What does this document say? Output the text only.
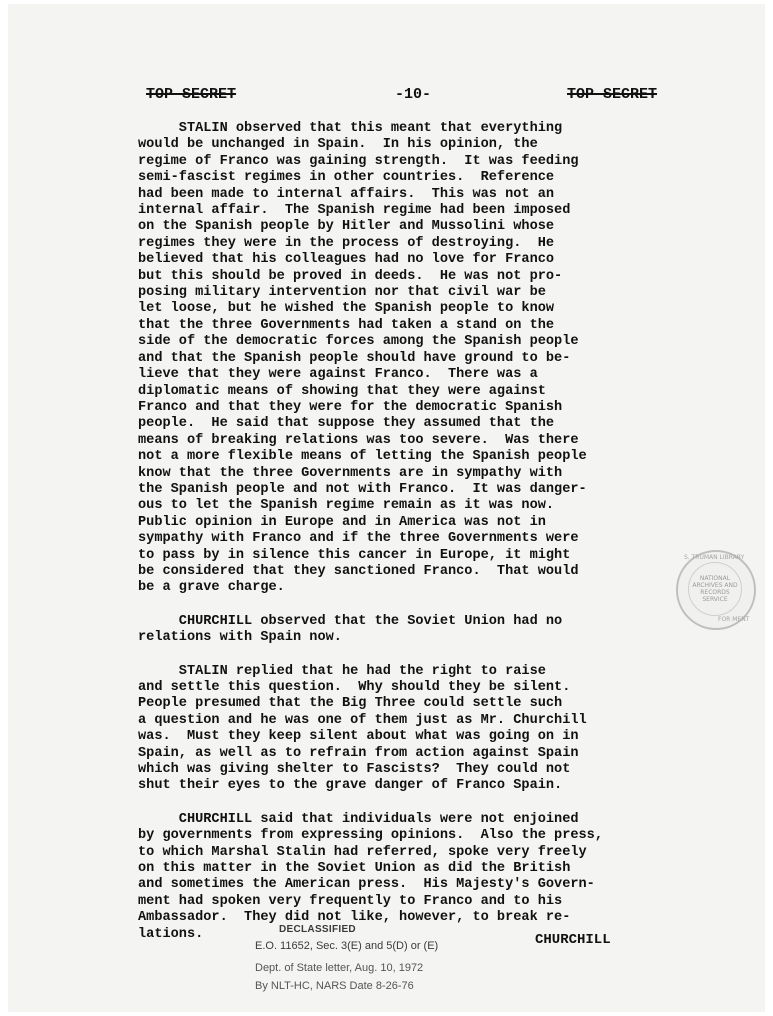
TOP SECRET	-10-	TOP SECRET
STALIN observed that this meant that everything
would be unchanged in Spain.  In his opinion, the
regime of Franco was gaining strength.  It was feeding
semi-fascist regimes in other countries.  Reference
had been made to internal affairs.  This was not an
internal affair.  The Spanish regime had been imposed
on the Spanish people by Hitler and Mussolini whose
regimes they were in the process of destroying.  He
believed that his colleagues had no love for Franco
but this should be proved in deeds.  He was not pro-
posing military intervention nor that civil war be
let loose, but he wished the Spanish people to know
that the three Governments had taken a stand on the
side of the democratic forces among the Spanish people
and that the Spanish people should have ground to be-
lieve that they were against Franco.  There was a
diplomatic means of showing that they were against
Franco and that they were for the democratic Spanish
people.  He said that suppose they assumed that the
means of breaking relations was too severe.  Was there
not a more flexible means of letting the Spanish people
know that the three Governments are in sympathy with
the Spanish people and not with Franco.  It was danger-
ous to let the Spanish regime remain as it was now.
Public opinion in Europe and in America was not in
sympathy with Franco and if the three Governments were
to pass by in silence this cancer in Europe, it might
be considered that they sanctioned Franco.  That would
be a grave charge.
CHURCHILL observed that the Soviet Union had no
relations with Spain now.
STALIN replied that he had the right to raise
and settle this question.  Why should they be silent.
People presumed that the Big Three could settle such
a question and he was one of them just as Mr. Churchill
was.  Must they keep silent about what was going on in
Spain, as well as to refrain from action against Spain
which was giving shelter to Fascists?  They could not
shut their eyes to the grave danger of Franco Spain.
CHURCHILL said that individuals were not enjoined
by governments from expressing opinions.  Also the press,
to which Marshal Stalin had referred, spoke very freely
on this matter in the Soviet Union as did the British
and sometimes the American press.  His Majesty's Govern-
ment had spoken very frequently to Franco and to his
Ambassador.  They did not like, however, to break re-
lations.
S. TRUMAN LIBRARY
NATIONAL
ARCHIVES AND
RECORDS
SERVICE
FOR MENT
DECLASSIFIED
E.O. 11652, Sec. 3(E) and 5(D) or (E)
Dept. of State letter, Aug. 10, 1972
By NLT-HC, NARS Date 8-26-76
CHURCHILL
